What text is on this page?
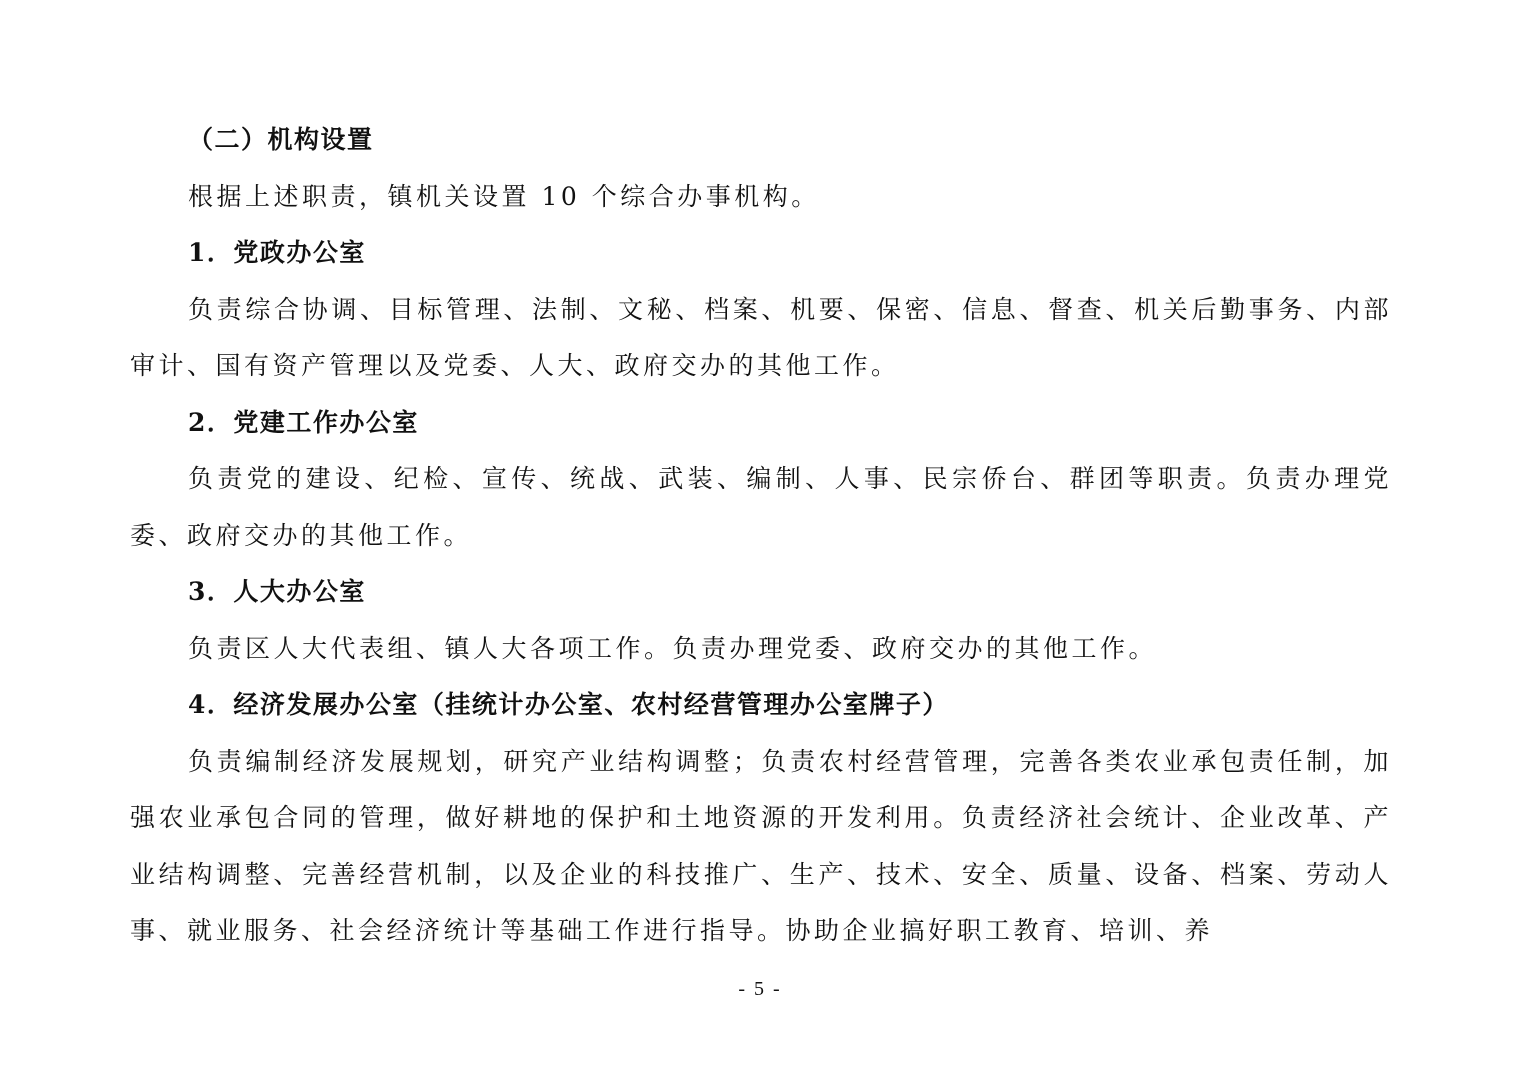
（二）机构设置

根据上述职责，镇机关设置 10 个综合办事机构。

1．党政办公室

负责综合协调、目标管理、法制、文秘、档案、机要、保密、信息、督查、机关后勤事务、内部审计、国有资产管理以及党委、人大、政府交办的其他工作。

2．党建工作办公室

负责党的建设、纪检、宣传、统战、武装、编制、人事、民宗侨台、群团等职责。负责办理党委、政府交办的其他工作。

3．人大办公室

负责区人大代表组、镇人大各项工作。负责办理党委、政府交办的其他工作。

4．经济发展办公室（挂统计办公室、农村经营管理办公室牌子）

负责编制经济发展规划，研究产业结构调整；负责农村经营管理，完善各类农业承包责任制，加强农业承包合同的管理，做好耕地的保护和土地资源的开发利用。负责经济社会统计、企业改革、产业结构调整、完善经营机制，以及企业的科技推广、生产、技术、安全、质量、设备、档案、劳动人事、就业服务、社会经济统计等基础工作进行指导。协助企业搞好职工教育、培训、养

- 5 -
